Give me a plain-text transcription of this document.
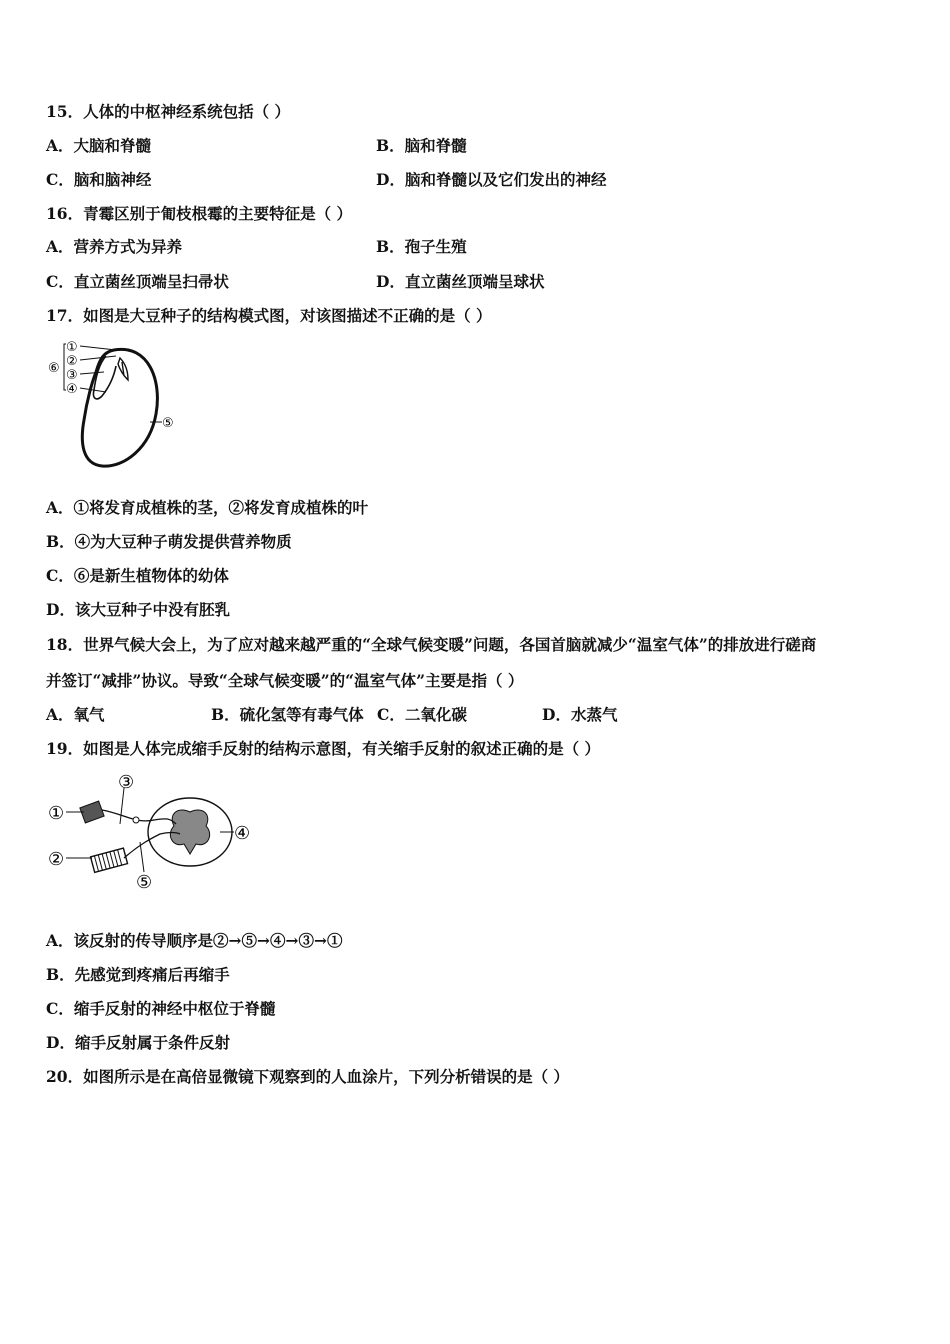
15．人体的中枢神经系统包括（ ）
A．大脑和脊髓	B．脑和脊髓
C．脑和脑神经	D．脑和脊髓以及它们发出的神经
16．青霉区别于匍枝根霉的主要特征是（ ）
A．营养方式为异养	B．孢子生殖
C．直立菌丝顶端呈扫帚状	D．直立菌丝顶端呈球状
17．如图是大豆种子的结构模式图，对该图描述不正确的是（ ）
①
②
③
④
⑤
⑥
A．①将发育成植株的茎，②将发育成植株的叶
B．④为大豆种子萌发提供营养物质
C．⑥是新生植物体的幼体
D．该大豆种子中没有胚乳
18．世界气候大会上，为了应对越来越严重的“全球气候变暖”问题，各国首脑就减少“温室气体”的排放进行磋商
并签订“减排”协议。导致“全球气候变暖”的“温室气体”主要是指（ ）
A．氧气	B．硫化氢等有毒气体 C．二氧化碳	D．水蒸气
19．如图是人体完成缩手反射的结构示意图，有关缩手反射的叙述正确的是（ ）
①
②
③
④
⑤
A．该反射的传导顺序是②→⑤→④→③→①
B．先感觉到疼痛后再缩手
C．缩手反射的神经中枢位于脊髓
D．缩手反射属于条件反射
20．如图所示是在高倍显微镜下观察到的人血涂片，下列分析错误的是（ ）
